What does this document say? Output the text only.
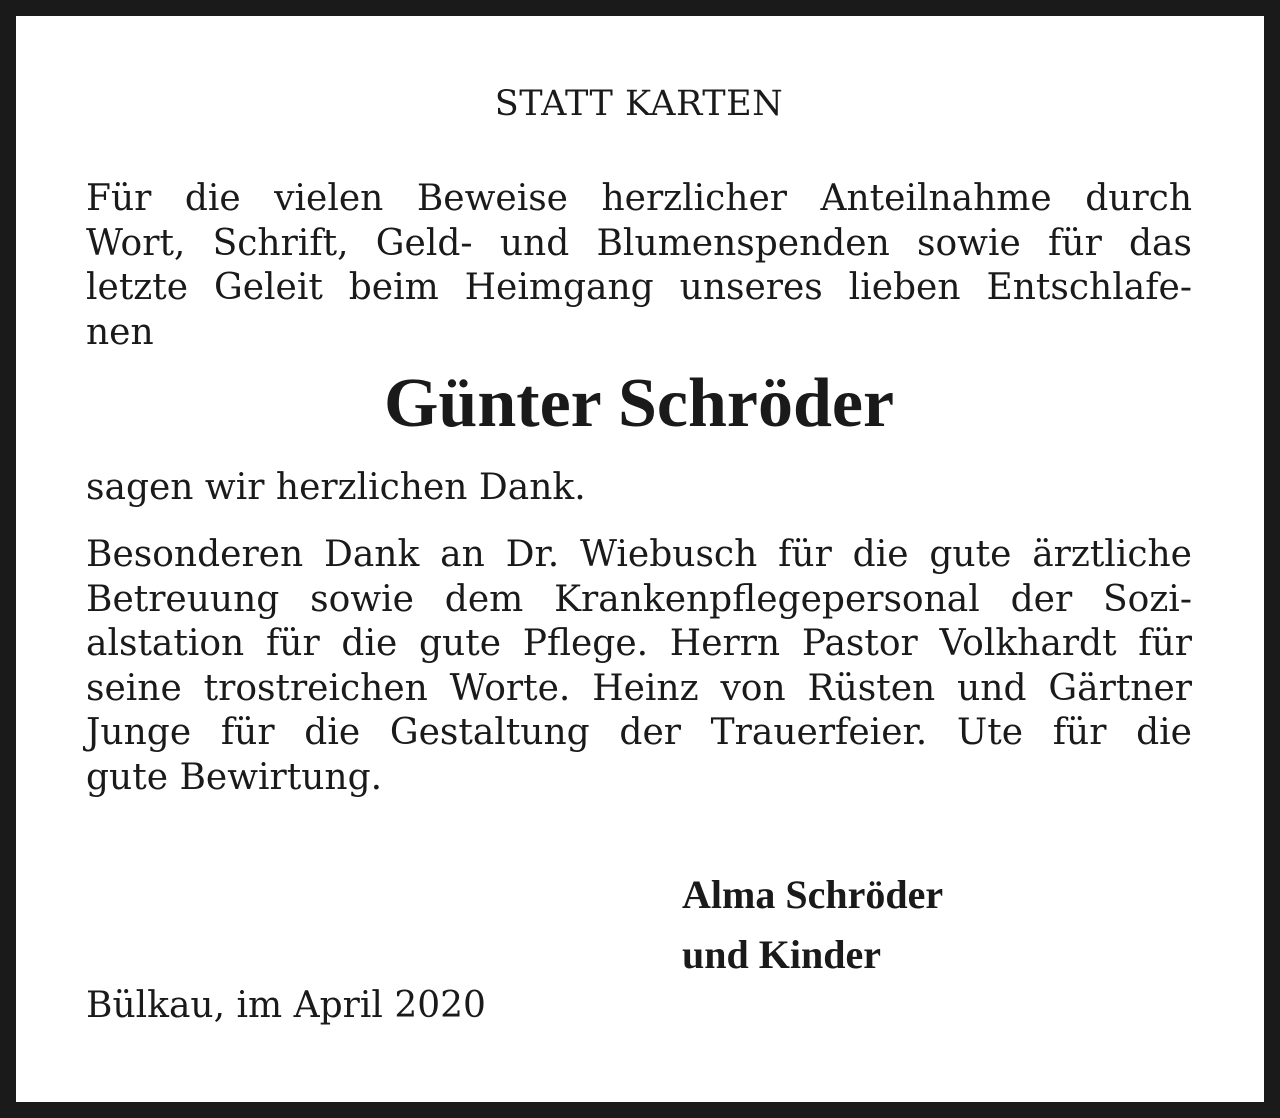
STATT KARTEN
Für die vielen Beweise herzlicher Anteilnahme durch
Wort, Schrift, Geld- und Blumenspenden sowie für das
letzte Geleit beim Heimgang unseres lieben Entschlafe-
nen
Günter Schröder
sagen wir herzlichen Dank.
Besonderen Dank an Dr. Wiebusch für die gute ärztliche
Betreuung sowie dem Krankenpflegepersonal der Sozi-
alstation für die gute Pflege. Herrn Pastor Volkhardt für
seine trostreichen Worte. Heinz von Rüsten und Gärtner
Junge für die Gestaltung der Trauerfeier. Ute für die
gute Bewirtung.
Alma Schröder
und Kinder
Bülkau, im April 2020
